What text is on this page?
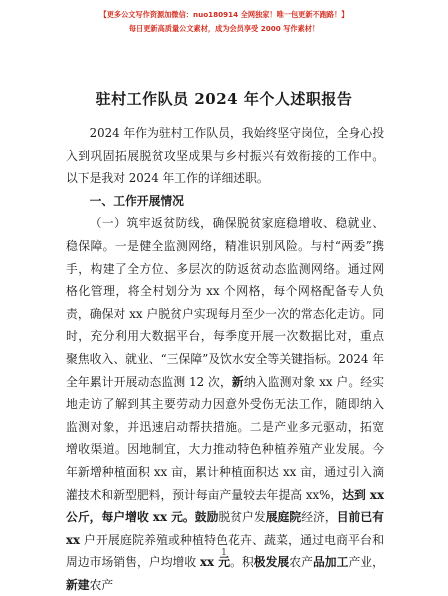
【更多公文写作资源加微信：nuo180914 全网独家！唯一包更新不跑路！】
每日更新高质量公文素材，成为会员享受 2000 写作素材！
驻村工作队员 2024 年个人述职报告

2024 年作为驻村工作队员，我始终坚守岗位，全身心投入到巩固拓展脱贫攻坚成果与乡村振兴有效衔接的工作中。以下是我对 2024 年工作的详细述职。

一、工作开展情况

（一）筑牢返贫防线，确保脱贫家庭稳增收、稳就业、稳保障。一是健全监测网络，精准识别风险。与村“两委”携手，构建了全方位、多层次的防返贫动态监测网络。通过网格化管理，将全村划分为 xx 个网格，每个网格配备专人负责，确保对 xx 户脱贫户实现每月至少一次的常态化走访。同时，充分利用大数据平台，每季度开展一次数据比对，重点聚焦收入、就业、“三保障”及饮水安全等关键指标。2024 年全年累计开展动态监测 12 次，新纳入监测对象 xx 户。经实地走访了解到其主要劳动力因意外受伤无法工作，随即纳入监测对象，并迅速启动帮扶措施。二是产业多元驱动，拓宽增收渠道。因地制宜，大力推动特色种植养殖产业发展。今年新增种植面积 xx 亩，累计种植面积达 xx 亩，通过引入滴灌技术和新型肥料，预计每亩产量较去年提高 xx%，达到 xx 公斤，每户增收 xx 元。鼓励脱贫户发展庭院经济，目前已有 xx 户开展庭院养殖或种植特色花卉、蔬菜，通过电商平台和周边市场销售，户均增收 xx 元。积极发展农产品加工产业，新建农产

1
